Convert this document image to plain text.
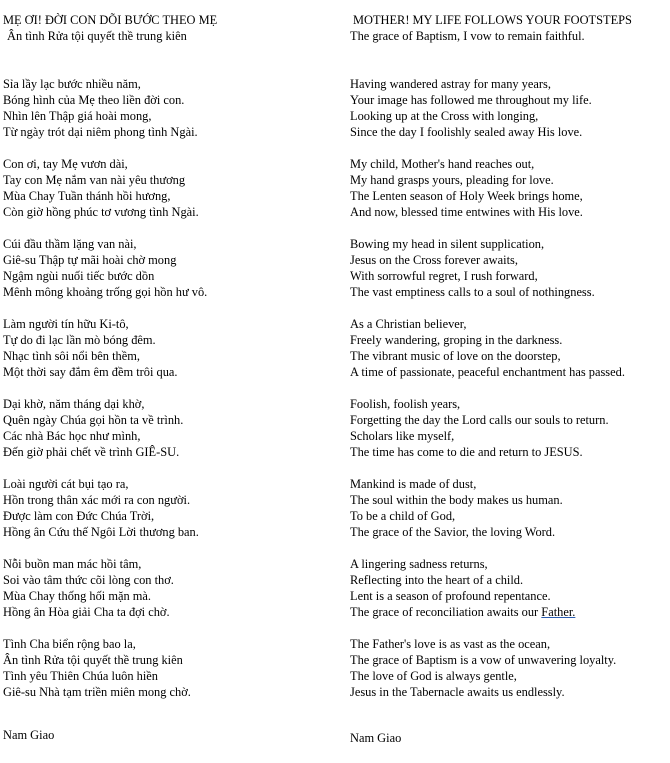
MẸ ƠI! ĐỜI CON DÕI BƯỚC THEO MẸ
Ân tình Rửa tội quyết thề trung kiên
Sỉa lầy lạc bước nhiều năm,
Bóng hình của Mẹ theo liền đời con.
Nhìn lên Thập giá hoài mong,
Từ ngày trót dại niêm phong tình Ngài.
Con ơi, tay Mẹ vươn dài,
Tay con Mẹ nắm van nài yêu thương
Mùa Chay Tuần thánh hồi hương,
Còn giờ hồng phúc tơ vương tình Ngài.
Cúi đầu thầm lặng van nài,
Giê-su Thập tự mãi hoài chờ mong
Ngậm ngùi nuối tiếc bước dồn
Mênh mông khoảng trống gọi hồn hư vô.
Làm người tín hữu Ki-tô,
Tự do đi lạc lần mò bóng đêm.
Nhạc tình sôi nổi bên thềm,
Một thời say đắm êm đềm trôi qua.
Dại khờ, năm tháng dại khờ,
Quên ngày Chúa gọi hồn ta về trình.
Các nhà Bác học như mình,
Đến giờ phải chết về trình GIÊ-SU.
Loài người cát bụi tạo ra,
Hồn trong thân xác mới ra con người.
Được làm con Đức Chúa Trời,
Hồng ân Cứu thế Ngôi Lời thương ban.
Nỗi buồn man mác hồi tâm,
Soi vào tâm thức cõi lòng con thơ.
Mùa Chay thống hối mặn mà.
Hồng ân Hòa giải Cha ta đợi chờ.
Tình Cha biển rộng bao la,
Ân tình Rửa tội quyết thề trung kiên
Tình yêu Thiên Chúa luôn hiền
Giê-su Nhà tạm triền miên mong chờ.
MOTHER! MY LIFE FOLLOWS YOUR FOOTSTEPS
The grace of Baptism, I vow to remain faithful.
Having wandered astray for many years,
Your image has followed me throughout my life.
Looking up at the Cross with longing,
Since the day I foolishly sealed away His love.
My child, Mother's hand reaches out,
My hand grasps yours, pleading for love.
The Lenten season of Holy Week brings home,
And now, blessed time entwines with His love.
Bowing my head in silent supplication,
Jesus on the Cross forever awaits,
With sorrowful regret, I rush forward,
The vast emptiness calls to a soul of nothingness.
As a Christian believer,
Freely wandering, groping in the darkness.
The vibrant music of love on the doorstep,
A time of passionate, peaceful enchantment has passed.
Foolish, foolish years,
Forgetting the day the Lord calls our souls to return.
Scholars like myself,
The time has come to die and return to JESUS.
Mankind is made of dust,
The soul within the body makes us human.
To be a child of God,
The grace of the Savior, the loving Word.
A lingering sadness returns,
Reflecting into the heart of a child.
Lent is a season of profound repentance.
The grace of reconciliation awaits our Father.
The Father's love is as vast as the ocean,
The grace of Baptism is a vow of unwavering loyalty.
The love of God is always gentle,
Jesus in the Tabernacle awaits us endlessly.
Nam Giao	Nam Giao
